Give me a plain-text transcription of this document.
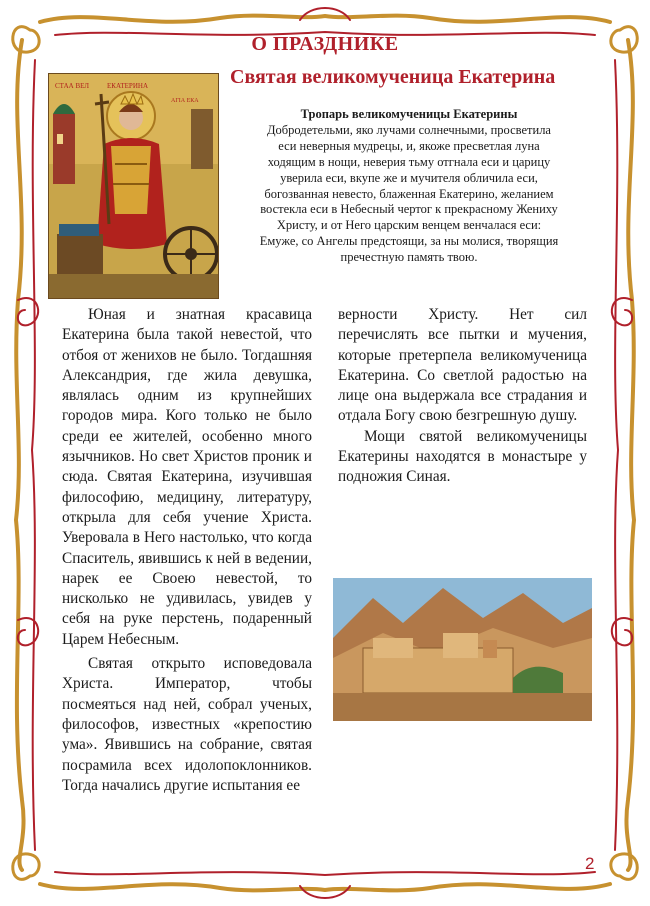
О ПРАЗДНИКЕ
Святая великомученица Екатерина
СТАА ВЕЛ	ЕКАТЕРИНА
АГІА ЕКА
Тропарь великомученицы Екатерины
Добродетельми, яко лучами солнечными, просветила
еси неверныя мудрецы, и, якоже пресветлая луна
ходящим в нощи, неверия тьму отгнала еси и царицу
уверила еси, вкупе же и мучителя обличила еси,
богозванная невесто, блаженная Екатерино, желанием
востекла еси в Небесный чертог к прекрасному Жениху
Христу, и от Него царским венцем венчалася еси:
Емуже, со Ангелы предстоящи, за ны молися, творящия
пречестную память твою.

Юная и знатная красавица Екатерина была такой невестой, что отбоя от женихов не было. Тогдашняя Александрия, где жила девушка, являлась одним из крупнейших городов мира. Кого только не было среди ее жителей, особенно много язычников. Но свет Христов проник и сюда. Святая Екатерина, изучившая философию, медицину, литературу, открыла для себя учение Христа. Уверовала в Него настолько, что когда Спаситель, явившись к ней в ведении, нарек ее Своею невестой, то нисколько не удивилась, увидев у себя на руке перстень, подаренный Царем Небесным.

Святая открыто исповедовала Христа. Император, чтобы посмеяться над ней, собрал ученых, философов, известных «крепостию ума». Явившись на собрание, святая посрамила всех идолопоклонников. Тогда начались другие испытания ее

верности Христу. Нет сил перечислять все пытки и мучения, которые претерпела великомученица Екатерина. Со светлой радостью на лице она выдержала все страдания и отдала Богу свою безгрешную душу.

Мощи святой великомученицы Екатерины находятся в монастыре у подножия Синая.

2
